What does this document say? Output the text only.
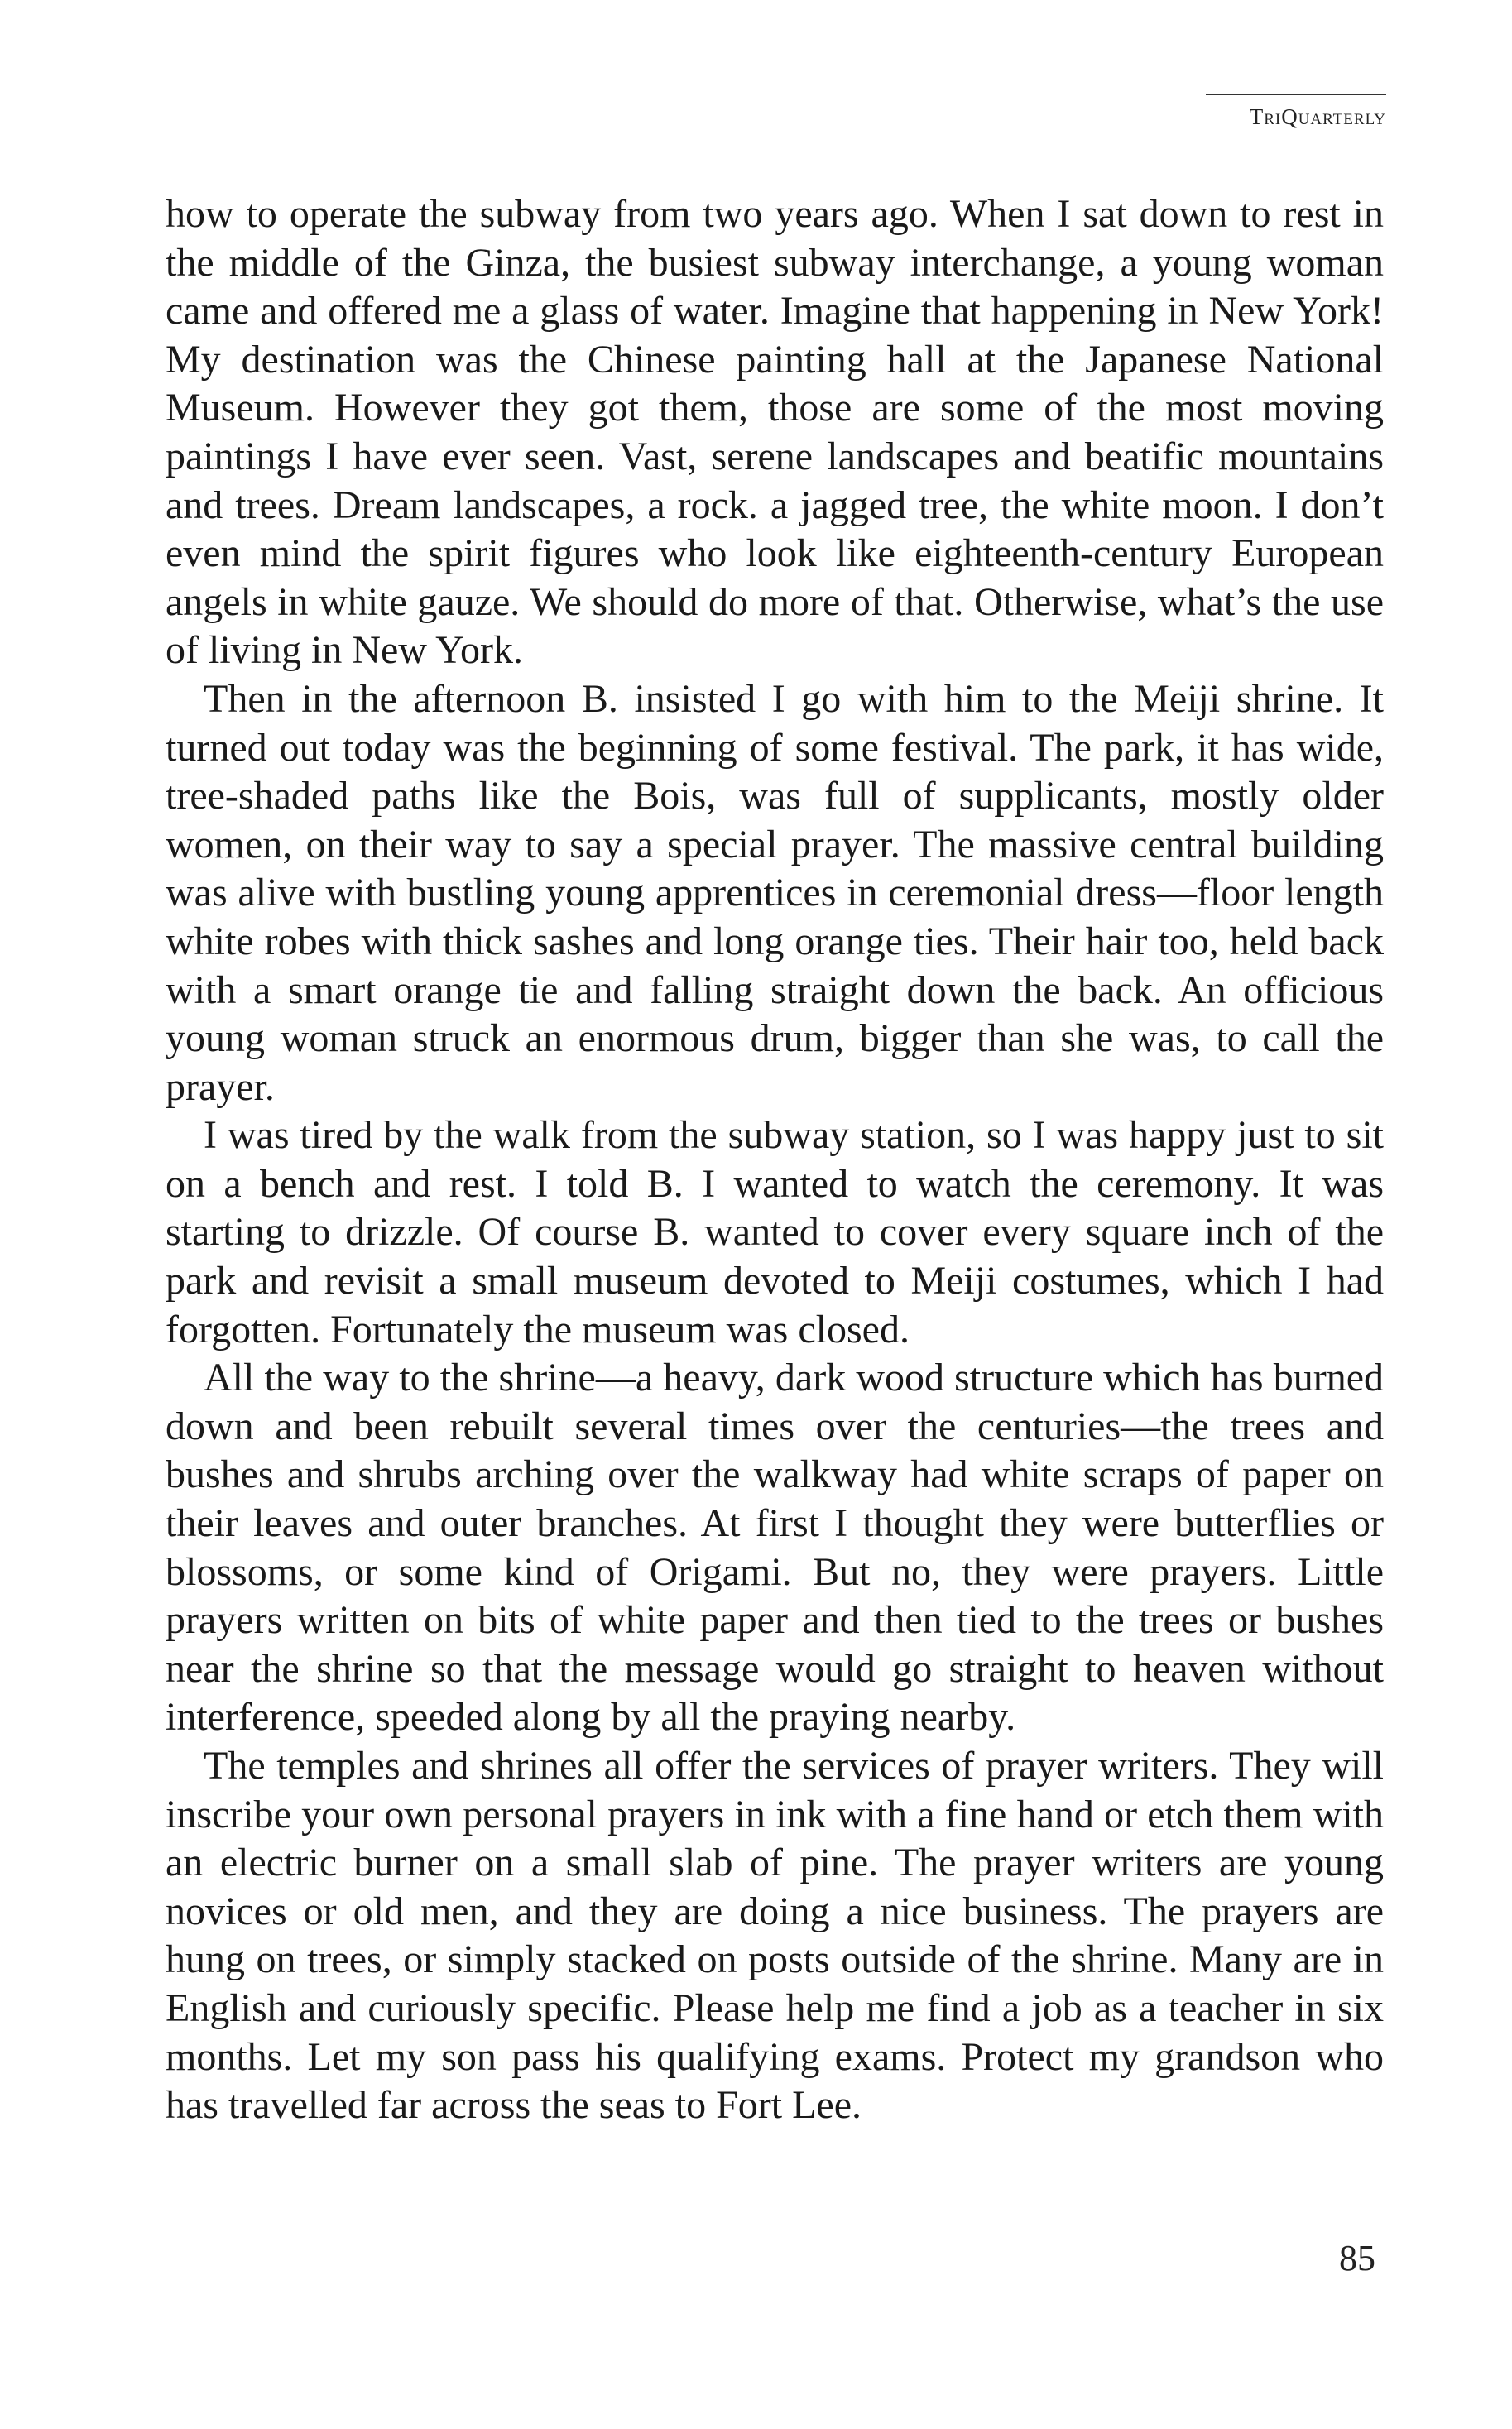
TriQuarterly

how to operate the subway from two years ago. When I sat down to rest in the middle of the Ginza, the busiest subway interchange, a young woman came and offered me a glass of water. Imagine that happening in New York! My destination was the Chinese painting hall at the Japanese National Museum. However they got them, those are some of the most moving paintings I have ever seen. Vast, serene landscapes and beatific mountains and trees. Dream landscapes, a rock. a jagged tree, the white moon. I don’t even mind the spirit figures who look like eighteenth-century European angels in white gauze. We should do more of that. Otherwise, what’s the use of living in New York.

Then in the afternoon B. insisted I go with him to the Meiji shrine. It turned out today was the beginning of some festival. The park, it has wide, tree-shaded paths like the Bois, was full of supplicants, mostly older women, on their way to say a special prayer. The massive central building was alive with bustling young apprentices in ceremonial dress—floor length white robes with thick sashes and long orange ties. Their hair too, held back with a smart orange tie and falling straight down the back. An officious young woman struck an enormous drum, bigger than she was, to call the prayer.

I was tired by the walk from the subway station, so I was happy just to sit on a bench and rest. I told B. I wanted to watch the ceremony. It was starting to drizzle. Of course B. wanted to cover every square inch of the park and revisit a small museum devoted to Meiji costumes, which I had forgotten. Fortunately the museum was closed.

All the way to the shrine—a heavy, dark wood structure which has burned down and been rebuilt several times over the centuries—the trees and bushes and shrubs arching over the walkway had white scraps of paper on their leaves and outer branches. At first I thought they were butterflies or blossoms, or some kind of Origami. But no, they were prayers. Little prayers written on bits of white paper and then tied to the trees or bushes near the shrine so that the message would go straight to heaven without interference, speeded along by all the praying nearby.

The temples and shrines all offer the services of prayer writers. They will inscribe your own personal prayers in ink with a fine hand or etch them with an electric burner on a small slab of pine. The prayer writers are young novices or old men, and they are doing a nice business. The prayers are hung on trees, or simply stacked on posts outside of the shrine. Many are in English and curiously specific. Please help me find a job as a teacher in six months. Let my son pass his qualifying exams. Protect my grandson who has travelled far across the seas to Fort Lee.

85
